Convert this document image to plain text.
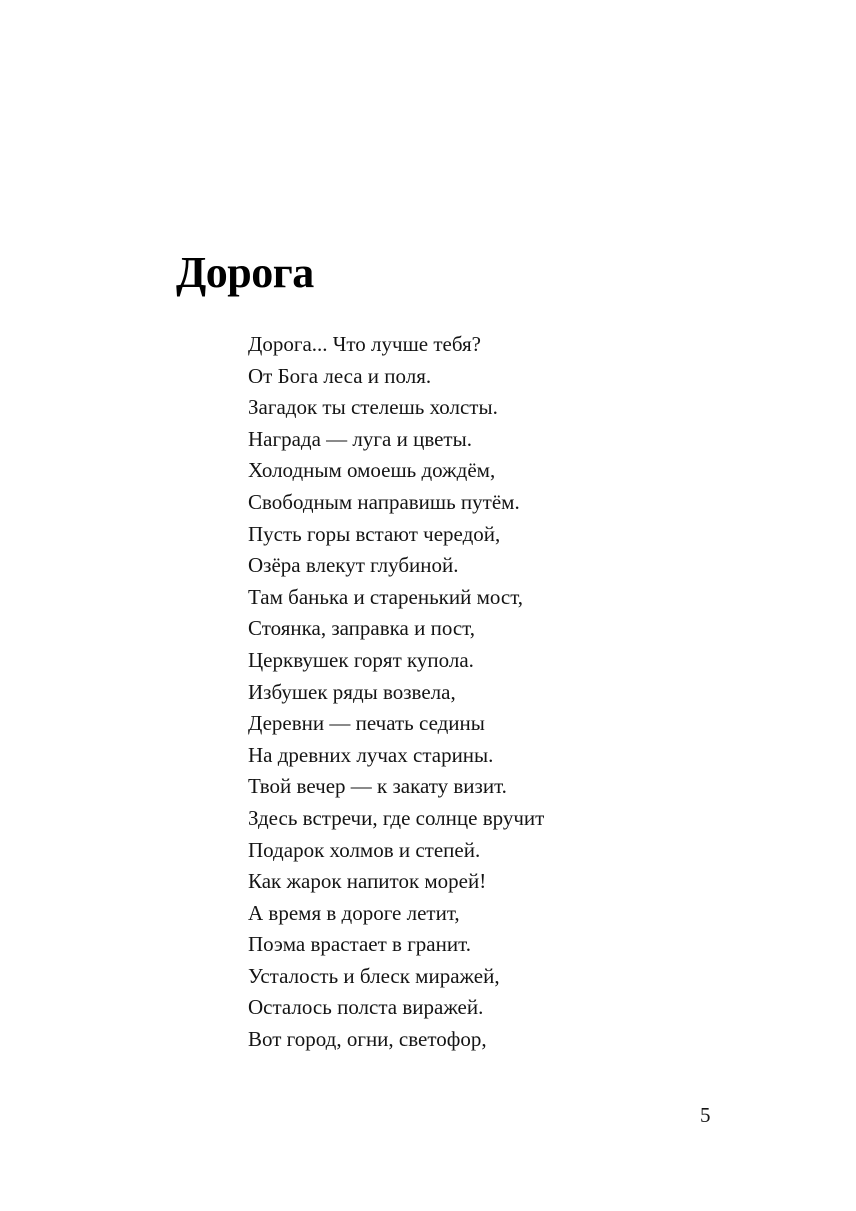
Дорога
Дорога... Что лучше тебя?
От Бога леса и поля.
Загадок ты стелешь холсты.
Награда — луга и цветы.
Холодным омоешь дождём,
Свободным направишь путём.
Пусть горы встают чередой,
Озёра влекут глубиной.
Там банька и старенький мост,
Стоянка, заправка и пост,
Церквушек горят купола.
Избушек ряды возвела,
Деревни — печать седины
На древних лучах старины.
Твой вечер — к закату визит.
Здесь встречи, где солнце вручит
Подарок холмов и степей.
Как жарок напиток морей!
А время в дороге летит,
Поэма врастает в гранит.
Усталость и блеск миражей,
Осталось полста виражей.
Вот город, огни, светофор,
5
